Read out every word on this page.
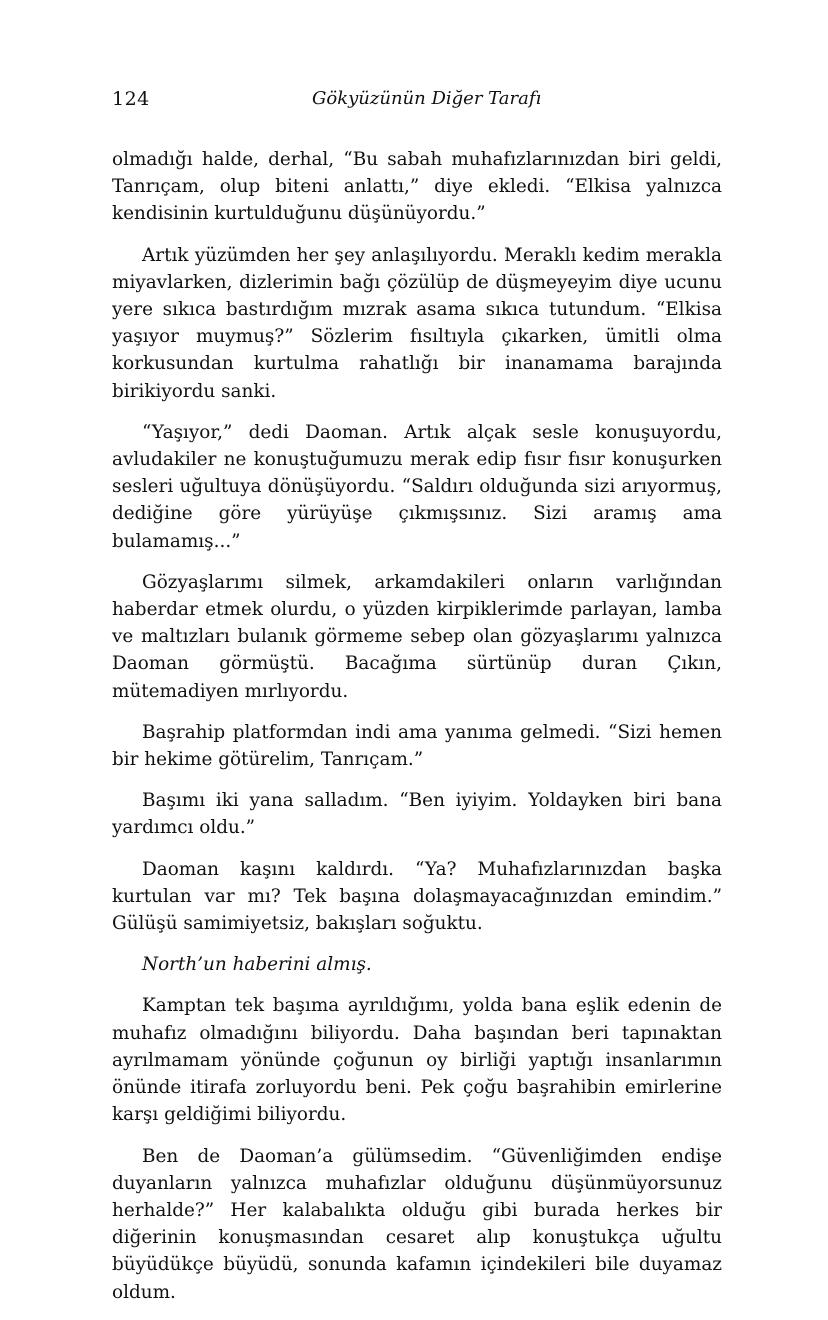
124	Gökyüzünün Diğer Tarafı

olmadığı halde, derhal, “Bu sabah muhafızlarınızdan biri geldi, Tanrıçam, olup biteni anlattı,” diye ekledi. “Elkisa yalnızca kendisinin kurtulduğunu düşünüyordu.”

Artık yüzümden her şey anlaşılıyordu. Meraklı kedim merakla miyavlarken, dizlerimin bağı çözülüp de düşmeyeyim diye ucunu yere sıkıca bastırdığım mızrak asama sıkıca tutundum. “Elkisa yaşıyor muymuş?” Sözlerim fısıltıyla çıkarken, ümitli olma korkusundan kurtulma rahatlığı bir inanamama barajında birikiyordu sanki.

“Yaşıyor,” dedi Daoman. Artık alçak sesle konuşuyordu, avludakiler ne konuştuğumuzu merak edip fısır fısır konuşurken sesleri uğultuya dönüşüyordu. “Saldırı olduğunda sizi arıyormuş, dediğine göre yürüyüşe çıkmışsınız. Sizi aramış ama bulamamış...”

Gözyaşlarımı silmek, arkamdakileri onların varlığından haberdar etmek olurdu, o yüzden kirpiklerimde parlayan, lamba ve maltızları bulanık görmeme sebep olan gözyaşlarımı yalnızca Daoman görmüştü. Bacağıma sürtünüp duran Çıkın, mütemadiyen mırlıyordu.

Başrahip platformdan indi ama yanıma gelmedi. “Sizi hemen bir hekime götürelim, Tanrıçam.”

Başımı iki yana salladım. “Ben iyiyim. Yoldayken biri bana yardımcı oldu.”

Daoman kaşını kaldırdı. “Ya? Muhafızlarınızdan başka kurtulan var mı? Tek başına dolaşmayacağınızdan emindim.” Gülüşü samimiyetsiz, bakışları soğuktu.

North’un haberini almış.

Kamptan tek başıma ayrıldığımı, yolda bana eşlik edenin de muhafız olmadığını biliyordu. Daha başından beri tapınaktan ayrılmamam yönünde çoğunun oy birliği yaptığı insanlarımın önünde itirafa zorluyordu beni. Pek çoğu başrahibin emirlerine karşı geldiğimi biliyordu.

Ben de Daoman’a gülümsedim. “Güvenliğimden endişe duyanların yalnızca muhafızlar olduğunu düşünmüyorsunuz herhalde?” Her kalabalıkta olduğu gibi burada herkes bir diğerinin konuşmasından cesaret alıp konuştukça uğultu büyüdükçe büyüdü, sonunda kafamın içindekileri bile duyamaz oldum.
